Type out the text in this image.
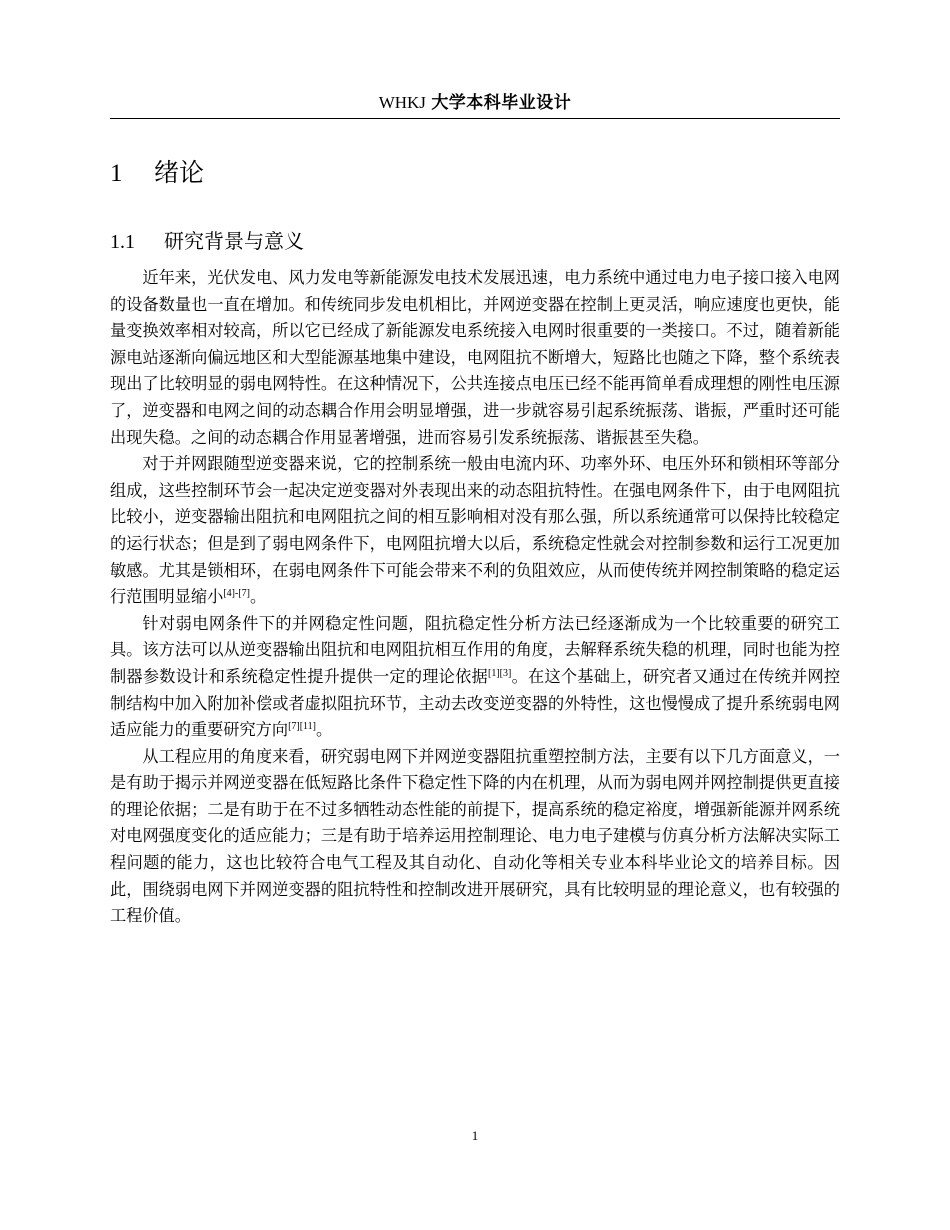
WHKJ 大学本科毕业设计
1 绪论
1.1 研究背景与意义

近年来，光伏发电、风力发电等新能源发电技术发展迅速，电力系统中通过电力电子接口接入电网的设备数量也一直在增加。和传统同步发电机相比，并网逆变器在控制上更灵活，响应速度也更快，能量变换效率相对较高，所以它已经成了新能源发电系统接入电网时很重要的一类接口。不过，随着新能源电站逐渐向偏远地区和大型能源基地集中建设，电网阻抗不断增大，短路比也随之下降，整个系统表现出了比较明显的弱电网特性。在这种情况下，公共连接点电压已经不能再简单看成理想的刚性电压源了，逆变器和电网之间的动态耦合作用会明显增强，进一步就容易引起系统振荡、谐振，严重时还可能出现失稳。之间的动态耦合作用显著增强，进而容易引发系统振荡、谐振甚至失稳。

对于并网跟随型逆变器来说，它的控制系统一般由电流内环、功率外环、电压外环和锁相环等部分组成，这些控制环节会一起决定逆变器对外表现出来的动态阻抗特性。在强电网条件下，由于电网阻抗比较小，逆变器输出阻抗和电网阻抗之间的相互影响相对没有那么强，所以系统通常可以保持比较稳定的运行状态；但是到了弱电网条件下，电网阻抗增大以后，系统稳定性就会对控制参数和运行工况更加敏感。尤其是锁相环，在弱电网条件下可能会带来不利的负阻效应，从而使传统并网控制策略的稳定运行范围明显缩小[4]-[7]。

针对弱电网条件下的并网稳定性问题，阻抗稳定性分析方法已经逐渐成为一个比较重要的研究工具。该方法可以从逆变器输出阻抗和电网阻抗相互作用的角度，去解释系统失稳的机理，同时也能为控制器参数设计和系统稳定性提升提供一定的理论依据[1][3]。在这个基础上，研究者又通过在传统并网控制结构中加入附加补偿或者虚拟阻抗环节，主动去改变逆变器的外特性，这也慢慢成了提升系统弱电网适应能力的重要研究方向[7][11]。

从工程应用的角度来看，研究弱电网下并网逆变器阻抗重塑控制方法，主要有以下几方面意义，一是有助于揭示并网逆变器在低短路比条件下稳定性下降的内在机理，从而为弱电网并网控制提供更直接的理论依据；二是有助于在不过多牺牲动态性能的前提下，提高系统的稳定裕度，增强新能源并网系统对电网强度变化的适应能力；三是有助于培养运用控制理论、电力电子建模与仿真分析方法解决实际工程问题的能力，这也比较符合电气工程及其自动化、自动化等相关专业本科毕业论文的培养目标。因此，围绕弱电网下并网逆变器的阻抗特性和控制改进开展研究，具有比较明显的理论意义，也有较强的工程价值。

1
